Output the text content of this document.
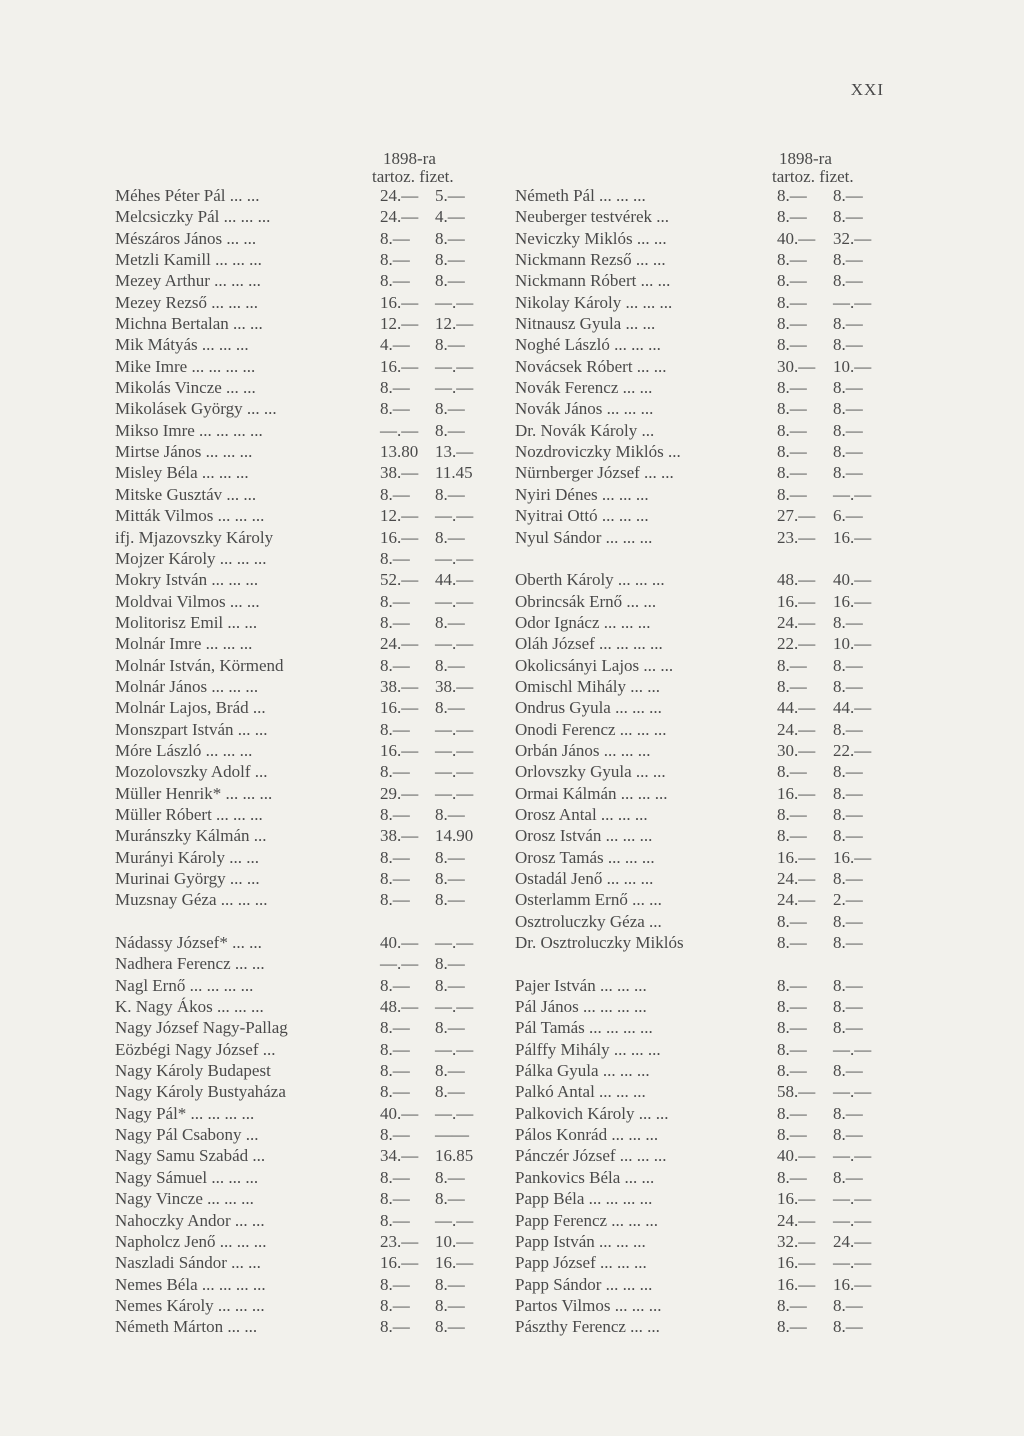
XXI
1898-ra
tartoz. fizet.
Méhes Péter Pál ... ...	24.— 5.—
Melcsiczky Pál ... ... ...	24.— 4.—
Mészáros János ... ...	8.— 8.—
Metzli Kamill ... ... ...	8.— 8.—
Mezey Arthur ... ... ...	8.— 8.—
Mezey Rezső ... ... ...	16.— —.—
Michna Bertalan ... ...	12.— 12.—
Mik Mátyás ... ... ...	4.— 8.—
Mike Imre ... ... ... ...	16.— —.—
Mikolás Vincze ... ...	8.— —.—
Mikolásek György ... ...	8.— 8.—
Mikso Imre ... ... ... ...	—.— 8.—
Mirtse János ... ... ...	13.80 13.—
Misley Béla ... ... ...	38.— 11.45
Mitske Gusztáv ... ...	8.— 8.—
Mitták Vilmos ... ... ...	12.— —.—
ifj. Mjazovszky Károly	16.— 8.—
Mojzer Károly ... ... ...	8.— —.—
Mokry István ... ... ...	52.— 44.—
Moldvai Vilmos ... ...	8.— —.—
Molitorisz Emil ... ...	8.— 8.—
Molnár Imre ... ... ...	24.— —.—
Molnár István, Körmend	8.— 8.—
Molnár János ... ... ...	38.— 38.—
Molnár Lajos, Brád ...	16.— 8.—
Monszpart István ... ...	8.— —.—
Móre László ... ... ...	16.— —.—
Mozolovszky Adolf ...	8.— —.—
Müller Henrik* ... ... ...	29.— —.—
Müller Róbert ... ... ...	8.— 8.—
Muránszky Kálmán ...	38.— 14.90
Murányi Károly ... ...	8.— 8.—
Murinai György ... ...	8.— 8.—
Muzsnay Géza ... ... ...	8.— 8.—
Nádassy József* ... ...	40.— —.—
Nadhera Ferencz ... ...	—.— 8.—
Nagl Ernő ... ... ... ...	8.— 8.—
K. Nagy Ákos ... ... ...	48.— —.—
Nagy József Nagy-Pallag	8.— 8.—
Eözbégi Nagy József ...	8.— —.—
Nagy Károly Budapest	8.— 8.—
Nagy Károly Bustyaháza	8.— 8.—
Nagy Pál* ... ... ... ...	40.— —.—
Nagy Pál Csabony ...	8.— ——
Nagy Samu Szabád ...	34.— 16.85
Nagy Sámuel ... ... ...	8.— 8.—
Nagy Vincze ... ... ...	8.— 8.—
Nahoczky Andor ... ...	8.— —.—
Napholcz Jenő ... ... ...	23.— 10.—
Naszladi Sándor ... ...	16.— 16.—
Nemes Béla ... ... ... ...	8.— 8.—
Nemes Károly ... ... ...	8.— 8.—
Németh Márton ... ...	8.— 8.—
1898-ra
tartoz. fizet.
Németh Pál ... ... ...	8.— 8.—
Neuberger testvérek ...	8.— 8.—
Neviczky Miklós ... ...	40.— 32.—
Nickmann Rezső ... ...	8.— 8.—
Nickmann Róbert ... ...	8.— 8.—
Nikolay Károly ... ... ...	8.— —.—
Nitnausz Gyula ... ...	8.— 8.—
Noghé László ... ... ...	8.— 8.—
Novácsek Róbert ... ...	30.— 10.—
Novák Ferencz ... ...	8.— 8.—
Novák János ... ... ...	8.— 8.—
Dr. Novák Károly ...	8.— 8.—
Nozdroviczky Miklós ...	8.— 8.—
Nürnberger József ... ...	8.— 8.—
Nyiri Dénes ... ... ...	8.— —.—
Nyitrai Ottó ... ... ...	27.— 6.—
Nyul Sándor ... ... ...	23.— 16.—
Oberth Károly ... ... ...	48.— 40.—
Obrincsák Ernő ... ...	16.— 16.—
Odor Ignácz ... ... ...	24.— 8.—
Oláh József ... ... ... ...	22.— 10.—
Okolicsányi Lajos ... ...	8.— 8.—
Omischl Mihály ... ...	8.— 8.—
Ondrus Gyula ... ... ...	44.— 44.—
Onodi Ferencz ... ... ...	24.— 8.—
Orbán János ... ... ...	30.— 22.—
Orlovszky Gyula ... ...	8.— 8.—
Ormai Kálmán ... ... ...	16.— 8.—
Orosz Antal ... ... ...	8.— 8.—
Orosz István ... ... ...	8.— 8.—
Orosz Tamás ... ... ...	16.— 16.—
Ostadál Jenő ... ... ...	24.— 8.—
Osterlamm Ernő ... ...	24.— 2.—
Osztroluczky Géza ...	8.— 8.—
Dr. Osztroluczky Miklós	8.— 8.—
Pajer István ... ... ...	8.— 8.—
Pál János ... ... ... ...	8.— 8.—
Pál Tamás ... ... ... ...	8.— 8.—
Pálffy Mihály ... ... ...	8.— —.—
Pálka Gyula ... ... ...	8.— 8.—
Palkó Antal ... ... ...	58.— —.—
Palkovich Károly ... ...	8.— 8.—
Pálos Konrád ... ... ...	8.— 8.—
Pánczér József ... ... ...	40.— —.—
Pankovics Béla ... ...	8.— 8.—
Papp Béla ... ... ... ...	16.— —.—
Papp Ferencz ... ... ...	24.— —.—
Papp István ... ... ...	32.— 24.—
Papp József ... ... ...	16.— —.—
Papp Sándor ... ... ...	16.— 16.—
Partos Vilmos ... ... ...	8.— 8.—
Pászthy Ferencz ... ...	8.— 8.—
